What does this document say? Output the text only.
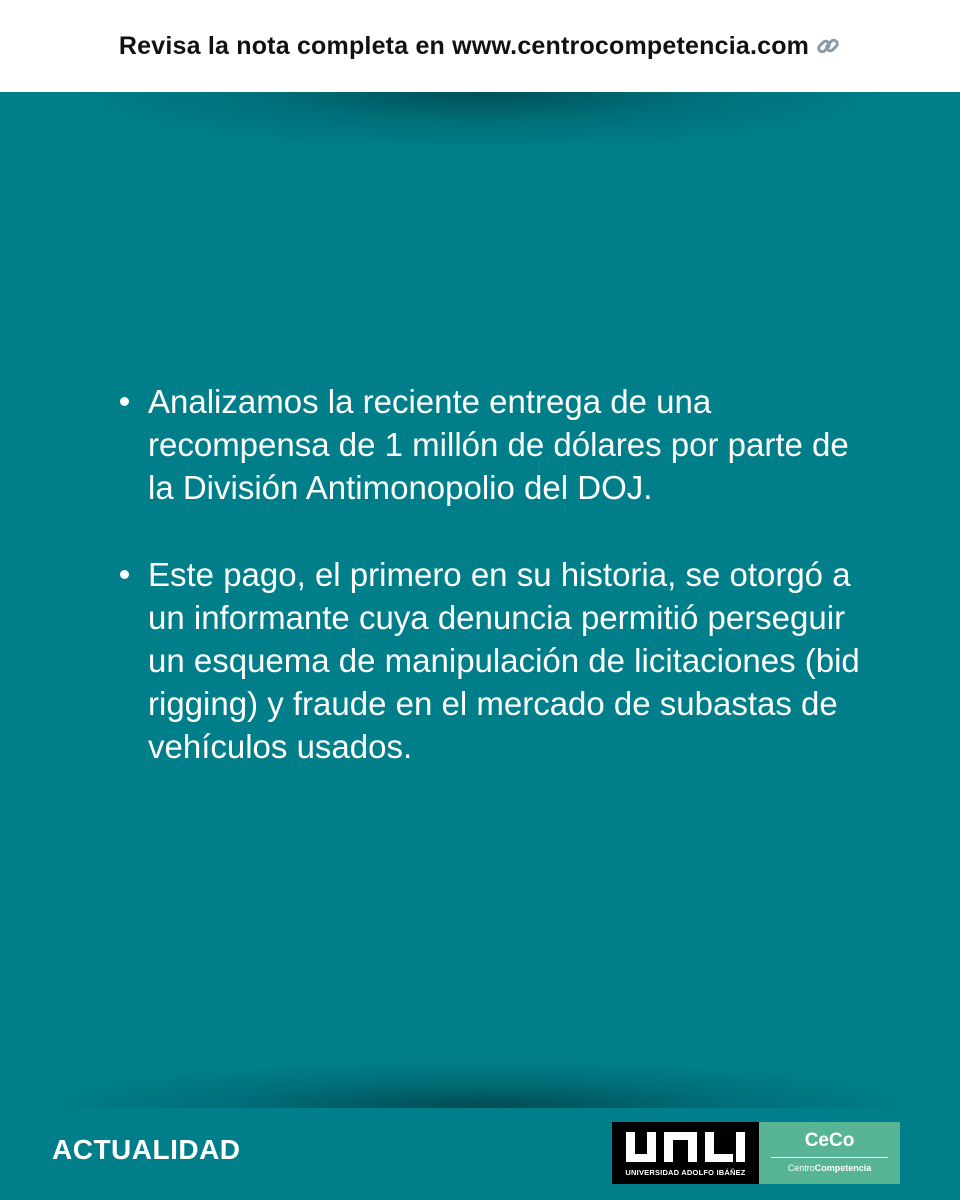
Revisa la nota completa en www.centrocompetencia.com
Analizamos la reciente entrega de una recompensa de 1 millón de dólares por parte de la División Antimonopolio del DOJ.
Este pago, el primero en su historia, se otorgó a un informante cuya denuncia permitió perseguir un esquema de manipulación de licitaciones (bid rigging) y fraude en el mercado de subastas de vehículos usados.
ACTUALIDAD
UNIVERSIDAD ADOLFO IBÁÑEZ
CeCo
CentroCompetencia
